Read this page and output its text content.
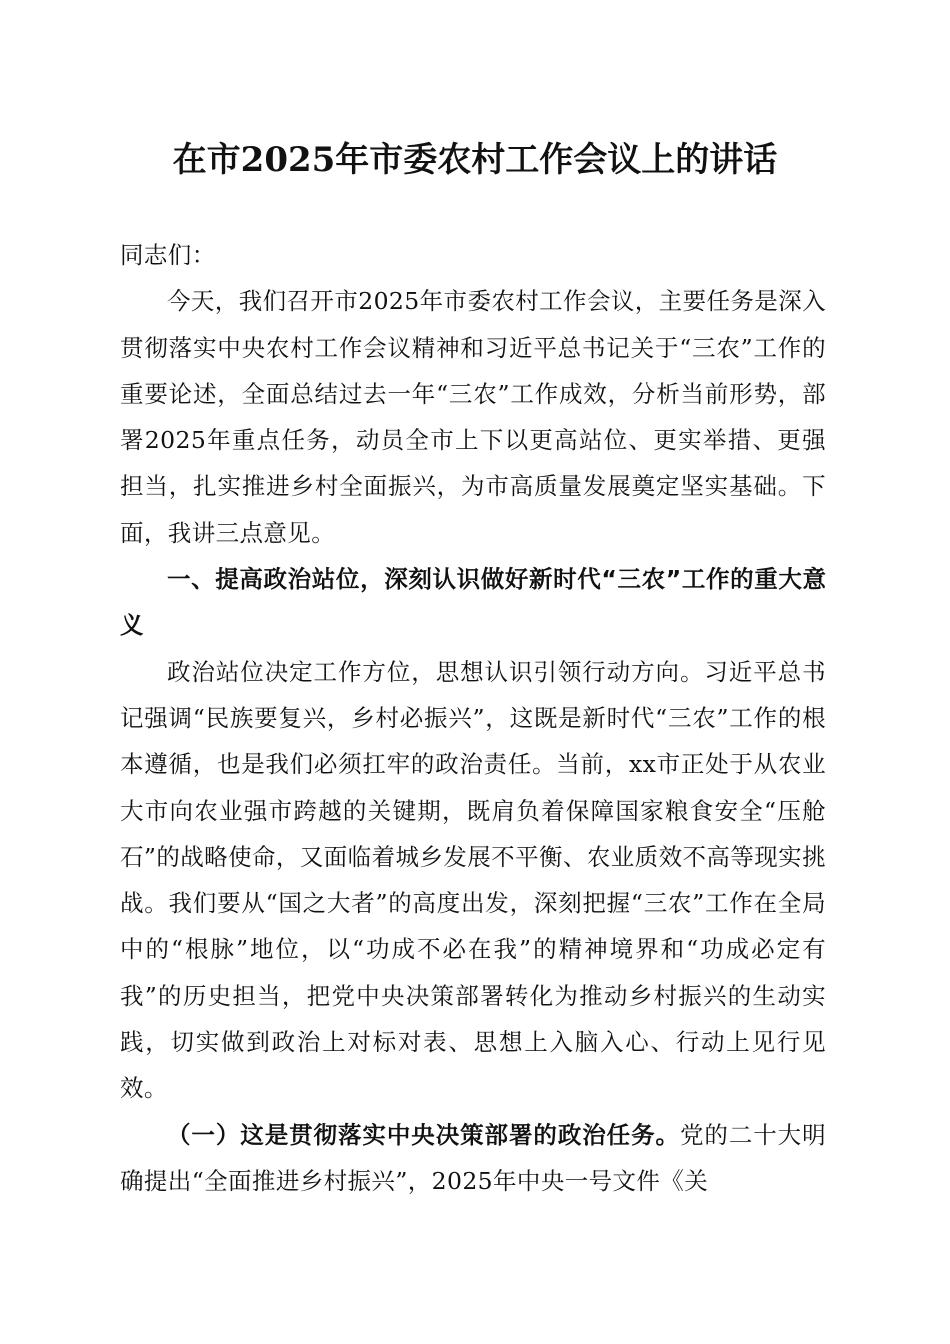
在市2025年市委农村工作会议上的讲话

同志们：

今天，我们召开市2025年市委农村工作会议，主要任务是深入贯彻落实中央农村工作会议精神和习近平总书记关于“三农”工作的重要论述，全面总结过去一年“三农”工作成效，分析当前形势，部署2025年重点任务，动员全市上下以更高站位、更实举措、更强担当，扎实推进乡村全面振兴，为市高质量发展奠定坚实基础。下面，我讲三点意见。

一、提高政治站位，深刻认识做好新时代“三农”工作的重大意义

政治站位决定工作方位，思想认识引领行动方向。习近平总书记强调“民族要复兴，乡村必振兴”，这既是新时代“三农”工作的根本遵循，也是我们必须扛牢的政治责任。当前，xx市正处于从农业大市向农业强市跨越的关键期，既肩负着保障国家粮食安全“压舱石”的战略使命，又面临着城乡发展不平衡、农业质效不高等现实挑战。我们要从“国之大者”的高度出发，深刻把握“三农”工作在全局中的“根脉”地位，以“功成不必在我”的精神境界和“功成必定有我”的历史担当，把党中央决策部署转化为推动乡村振兴的生动实践，切实做到政治上对标对表、思想上入脑入心、行动上见行见效。

（一）这是贯彻落实中央决策部署的政治任务。党的二十大明确提出“全面推进乡村振兴”，2025年中央一号文件《关
